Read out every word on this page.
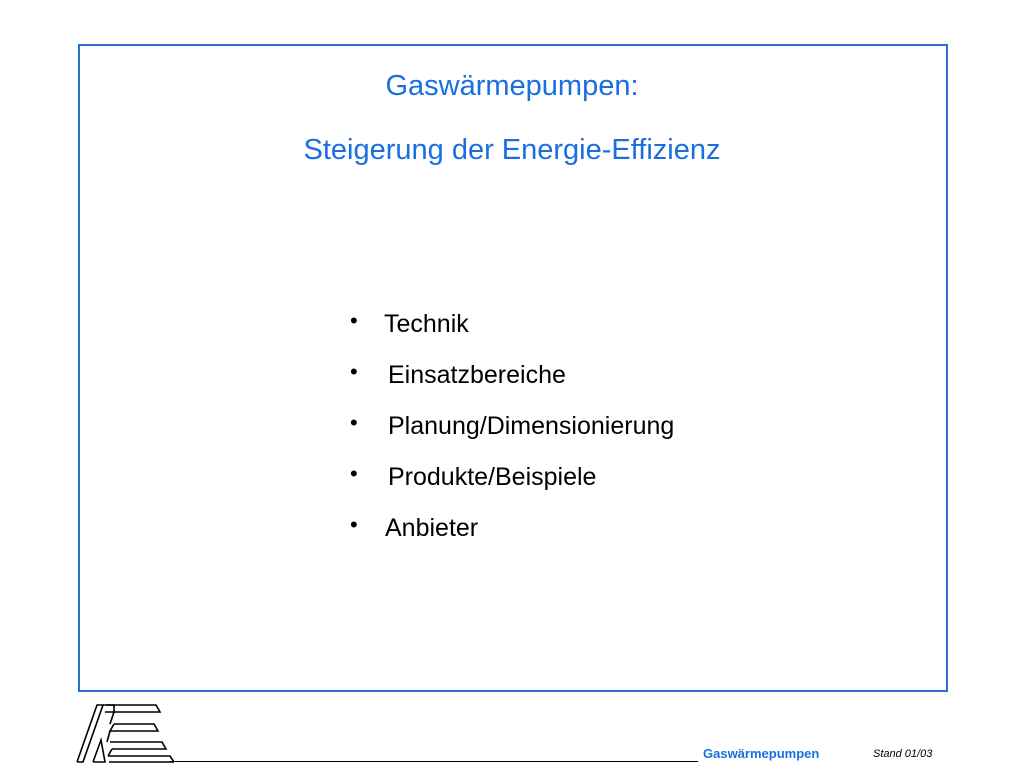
Gaswärmepumpen:
Steigerung der Energie-Effizienz
• Technik
• Einsatzbereiche
• Planung/Dimensionierung
• Produkte/Beispiele
• Anbieter
Gaswärmepumpen	Stand 01/03
